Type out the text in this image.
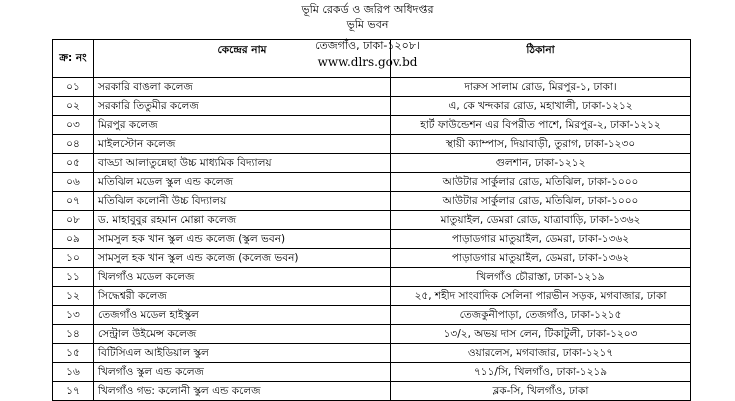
ভূমি রেকর্ড ও জরিপ অধিদপ্তর
ভূমি ভবন
ক্র: নং	কেন্দ্রের নাম	ঠিকানা
০১	সরকারি বাঙলা কলেজ	দারুস সালাম রোড, মিরপুর-১, ঢাকা।
০২	সরকারি তিতুমীর কলেজ	এ, কে খন্দকার রোড, মহাখালী, ঢাকা-১২১২
০৩	মিরপুর কলেজ	হার্ট ফাউন্ডেশন এর বিপরীত পাশে, মিরপুর-২, ঢাকা-১২১২
০৪	মাইলস্টোন কলেজ	স্থায়ী ক্যাম্পাস, দিয়াবাড়ী, তুরাগ, ঢাকা-১২৩০
০৫	বাড্ডা আলাতুন্নেছা উচ্চ মাধ্যমিক বিদ্যালয়	গুলশান, ঢাকা-১২১২
০৬	মতিঝিল মডেল স্কুল এন্ড কলেজ	আউটার সার্কুলার রোড, মতিঝিল, ঢাকা-১০০০
০৭	মতিঝিল কলোনী উচ্চ বিদ্যালয়	আউটার সার্কুলার রোড, মতিঝিল, ঢাকা-১০০০
০৮	ড. মাহাবুবুর রহমান মোল্লা কলেজ	মাতুয়াইল, ডেমরা রোড, যাত্রাবাড়ি, ঢাকা-১৩৬২
০৯	সামসুল হক খান স্কুল এন্ড কলেজ (স্কুল ভবন)	পাড়াডগার মাতুয়াইল, ডেমরা, ঢাকা-১৩৬২
১০	সামসুল হক খান স্কুল এন্ড কলেজ (কলেজ ভবন)	পাড়াডগার মাতুয়াইল, ডেমরা, ঢাকা-১৩৬২
১১	খিলগাঁও মডেল কলেজ	খিলগাঁও চৌরাস্তা, ঢাকা-১২১৯
১২	সিদ্ধেশ্বরী কলেজ	২৫, শহীদ সাংবাদিক সেলিনা পারভীন সড়ক, মগবাজার, ঢাকা
১৩	তেজগাঁও মডেল হাইস্কুল	তেজকুনীপাড়া, তেজগাঁও, ঢাকা-১২১৫
১৪	সেন্ট্রাল উইমেন্স কলেজ	১৩/২, অভয় দাস লেন, টিকাটুলী, ঢাকা-১২০৩
১৫	বিটিসিএল আইডিয়াল স্কুল	ওয়ারলেস, মগবাজার, ঢাকা-১২১৭
১৬	খিলগাঁও স্কুল এন্ড কলেজ	৭১১/সি, খিলগাঁও, ঢাকা-১২১৯
১৭	খিলগাঁও গভ: কলোনী স্কুল এন্ড কলেজ	ব্লক-সি, খিলগাঁও, ঢাকা
তেজগাঁও, ঢাকা-১২০৮।
www.dlrs.gov.bd
